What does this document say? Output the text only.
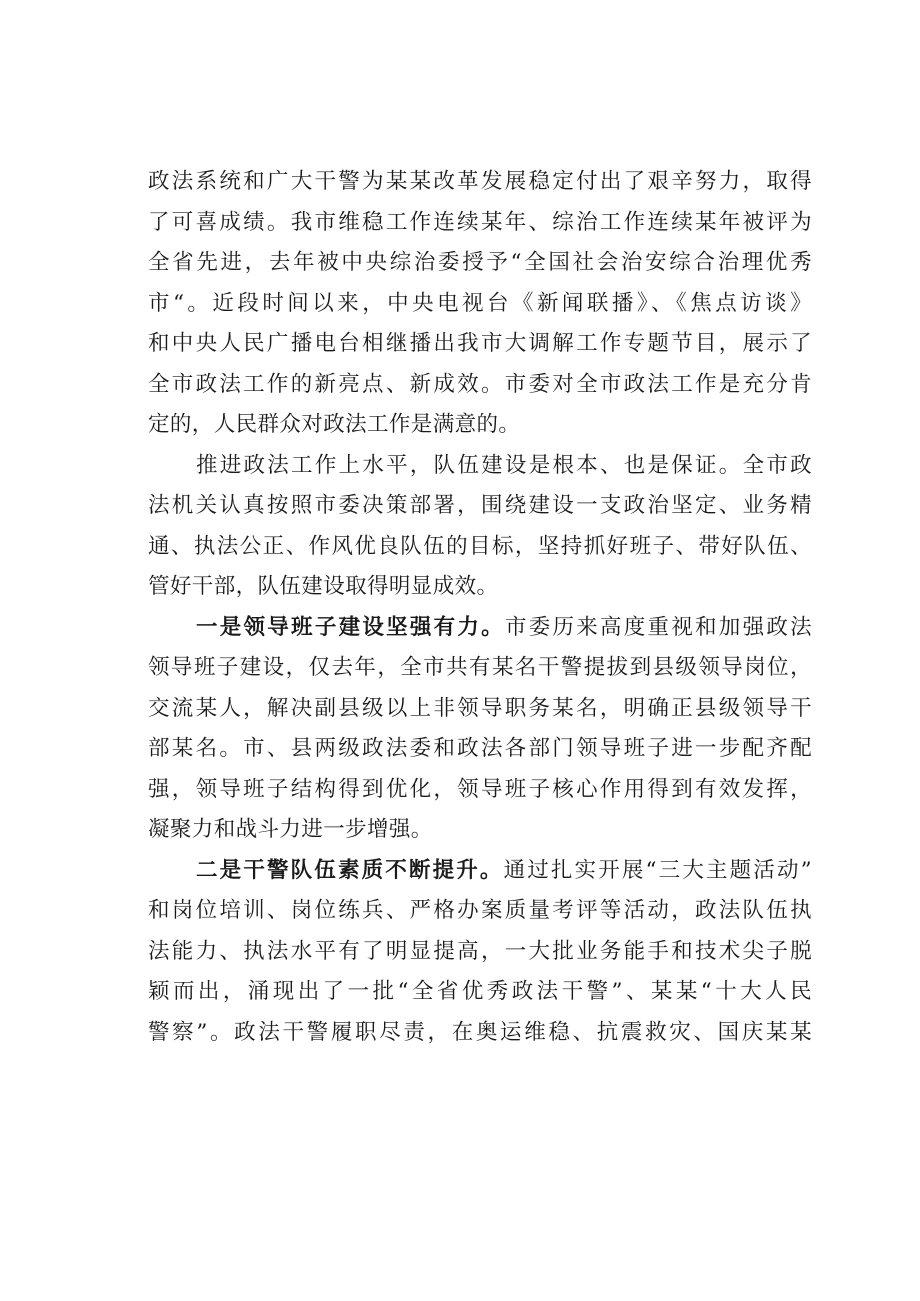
政法系统和广大干警为某某改革发展稳定付出了艰辛努力，取得
了可喜成绩。我市维稳工作连续某年、综治工作连续某年被评为
全省先进，去年被中央综治委授予“全国社会治安综合治理优秀
市“。近段时间以来，中央电视台《新闻联播》、《焦点访谈》
和中央人民广播电台相继播出我市大调解工作专题节目，展示了
全市政法工作的新亮点、新成效。市委对全市政法工作是充分肯
定的，人民群众对政法工作是满意的。
推进政法工作上水平，队伍建设是根本、也是保证。全市政
法机关认真按照市委决策部署，围绕建设一支政治坚定、业务精
通、执法公正、作风优良队伍的目标，坚持抓好班子、带好队伍、
管好干部，队伍建设取得明显成效。
一是领导班子建设坚强有力。市委历来高度重视和加强政法
领导班子建设，仅去年，全市共有某名干警提拔到县级领导岗位，
交流某人，解决副县级以上非领导职务某名，明确正县级领导干
部某名。市、县两级政法委和政法各部门领导班子进一步配齐配
强，领导班子结构得到优化，领导班子核心作用得到有效发挥，
凝聚力和战斗力进一步增强。
二是干警队伍素质不断提升。通过扎实开展“三大主题活动”
和岗位培训、岗位练兵、严格办案质量考评等活动，政法队伍执
法能力、执法水平有了明显提高，一大批业务能手和技术尖子脱
颖而出，涌现出了一批“全省优秀政法干警”、某某“十大人民
警察”。政法干警履职尽责，在奥运维稳、抗震救灾、国庆某某
